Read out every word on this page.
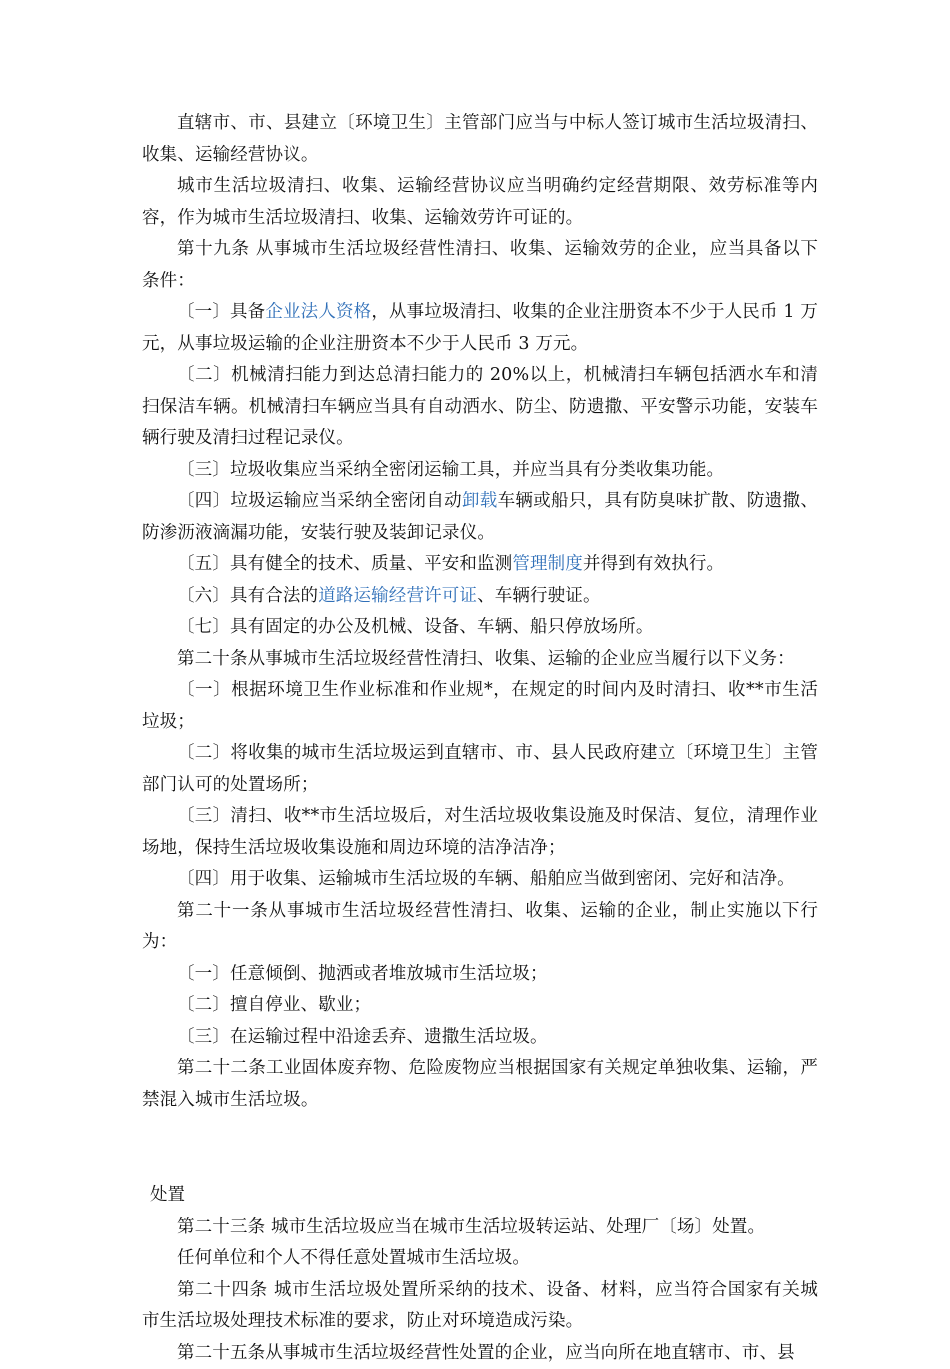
直辖市、市、县建立〔环境卫生〕主管部门应当与中标人签订城市生活垃圾清扫、收集、运输经营协议。

城市生活垃圾清扫、收集、运输经营协议应当明确约定经营期限、效劳标准等内容，作为城市生活垃圾清扫、收集、运输效劳许可证的。

第十九条 从事城市生活垃圾经营性清扫、收集、运输效劳的企业，应当具备以下条件：

〔一〕具备企业法人资格，从事垃圾清扫、收集的企业注册资本不少于人民币 1 万元，从事垃圾运输的企业注册资本不少于人民币 3 万元。

〔二〕机械清扫能力到达总清扫能力的 20%以上，机械清扫车辆包括洒水车和清扫保洁车辆。机械清扫车辆应当具有自动洒水、防尘、防遗撒、平安警示功能，安装车辆行驶及清扫过程记录仪。

〔三〕垃圾收集应当采纳全密闭运输工具，并应当具有分类收集功能。

〔四〕垃圾运输应当采纳全密闭自动卸载车辆或船只，具有防臭味扩散、防遗撒、防渗沥液滴漏功能，安装行驶及装卸记录仪。

〔五〕具有健全的技术、质量、平安和监测管理制度并得到有效执行。

〔六〕具有合法的道路运输经营许可证、车辆行驶证。

〔七〕具有固定的办公及机械、设备、车辆、船只停放场所。

第二十条从事城市生活垃圾经营性清扫、收集、运输的企业应当履行以下义务：

〔一〕根据环境卫生作业标准和作业规*，在规定的时间内及时清扫、收**市生活垃圾；

〔二〕将收集的城市生活垃圾运到直辖市、市、县人民政府建立〔环境卫生〕主管部门认可的处置场所；

〔三〕清扫、收**市生活垃圾后，对生活垃圾收集设施及时保洁、复位，清理作业场地，保持生活垃圾收集设施和周边环境的洁净洁净；

〔四〕用于收集、运输城市生活垃圾的车辆、船舶应当做到密闭、完好和洁净。

第二十一条从事城市生活垃圾经营性清扫、收集、运输的企业，制止实施以下行为：

〔一〕任意倾倒、抛洒或者堆放城市生活垃圾；

〔二〕擅自停业、歇业；

〔三〕在运输过程中沿途丢弃、遗撒生活垃圾。

第二十二条工业固体废弃物、危险废物应当根据国家有关规定单独收集、运输，严禁混入城市生活垃圾。

处置

第二十三条 城市生活垃圾应当在城市生活垃圾转运站、处理厂〔场〕处置。

任何单位和个人不得任意处置城市生活垃圾。

第二十四条 城市生活垃圾处置所采纳的技术、设备、材料，应当符合国家有关城市生活垃圾处理技术标准的要求，防止对环境造成污染。

第二十五条从事城市生活垃圾经营性处置的企业，应当向所在地直辖市、市、县
